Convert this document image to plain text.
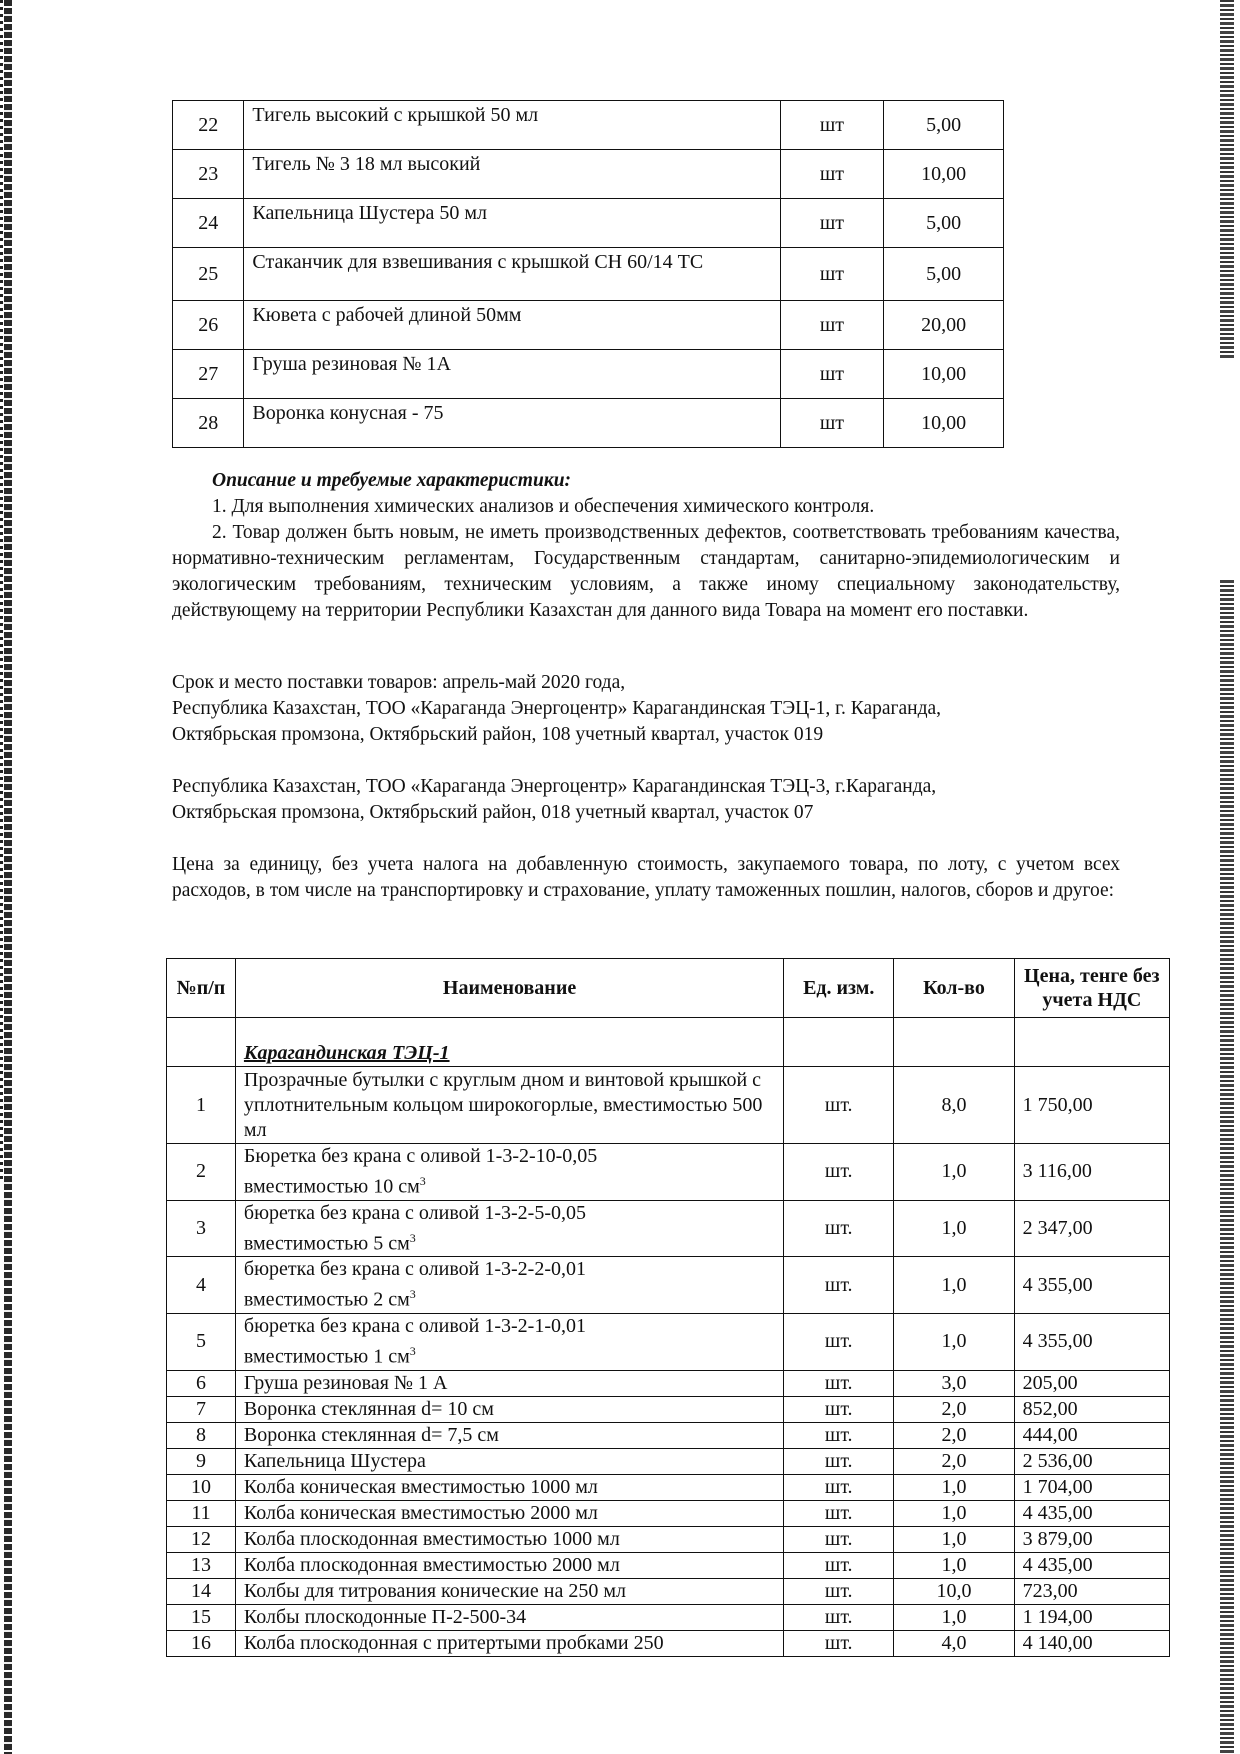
22	Тигель высокий с крышкой 50 мл	шт	5,00
23	Тигель № 3 18 мл высокий	шт	10,00
24	Капельница Шустера 50 мл	шт	5,00
25	Стаканчик для взвешивания с крышкой СН 60/14 ТС	шт	5,00
26	Кювета с рабочей длиной 50мм	шт	20,00
27	Груша резиновая № 1А	шт	10,00
28	Воронка конусная - 75	шт	10,00
Описание и требуемые характеристики:
1. Для выполнения химических анализов и обеспечения химического контроля.
2. Товар должен быть новым, не иметь производственных дефектов, соответствовать требованиям качества, нормативно-техническим регламентам, Государственным стандартам, санитарно-эпидемиологическим и экологическим требованиям, техническим условиям, а также иному специальному законодательству, действующему на территории Республики Казахстан для данного вида Товара на момент его поставки.
Срок и место поставки товаров: апрель-май 2020 года,
Республика Казахстан, ТОО «Караганда Энергоцентр» Карагандинская ТЭЦ-1, г. Караганда,
Октябрьская промзона, Октябрьский район, 108 учетный квартал, участок 019
Республика Казахстан, ТОО «Караганда Энергоцентр» Карагандинская ТЭЦ-3, г.Караганда,
Октябрьская промзона, Октябрьский район, 018 учетный квартал, участок 07
Цена за единицу, без учета налога на добавленную стоимость, закупаемого товара, по лоту, с учетом всех расходов, в том числе на транспортировку и страхование, уплату таможенных пошлин, налогов, сборов и другое:
№п/п	Наименование	Ед. изм.	Кол-во	Цена, тенге без учета НДС
	Карагандинская ТЭЦ-1			
1	Прозрачные бутылки с круглым дном и винтовой крышкой с уплотнительным кольцом широкогорлые, вместимостью 500 мл	шт.	8,0	1 750,00
2	Бюретка без крана с оливой 1-3-2-10-0,05
вместимостью 10 $см^3$	шт.	1,0	3 116,00
3	бюретка без крана с оливой 1-3-2-5-0,05
вместимостью 5 $см^3$	шт.	1,0	2 347,00
4	бюретка без крана с оливой 1-3-2-2-0,01
вместимостью 2 $см^3$	шт.	1,0	4 355,00
5	бюретка без крана с оливой 1-3-2-1-0,01
вместимостью 1 $см^3$	шт.	1,0	4 355,00
6	Груша резиновая № 1 А	шт.	3,0	205,00
7	Воронка стеклянная d= 10 см	шт.	2,0	852,00
8	Воронка стеклянная d= 7,5 см	шт.	2,0	444,00
9	Капельница Шустера	шт.	2,0	2 536,00
10	Колба коническая вместимостью 1000 мл	шт.	1,0	1 704,00
11	Колба коническая вместимостью 2000 мл	шт.	1,0	4 435,00
12	Колба плоскодонная вместимостью 1000 мл	шт.	1,0	3 879,00
13	Колба плоскодонная вместимостью 2000 мл	шт.	1,0	4 435,00
14	Колбы для титрования конические на 250 мл	шт.	10,0	723,00
15	Колбы плоскодонные П-2-500-34	шт.	1,0	1 194,00
16	Колба плоскодонная с притертыми пробками 250	шт.	4,0	4 140,00
